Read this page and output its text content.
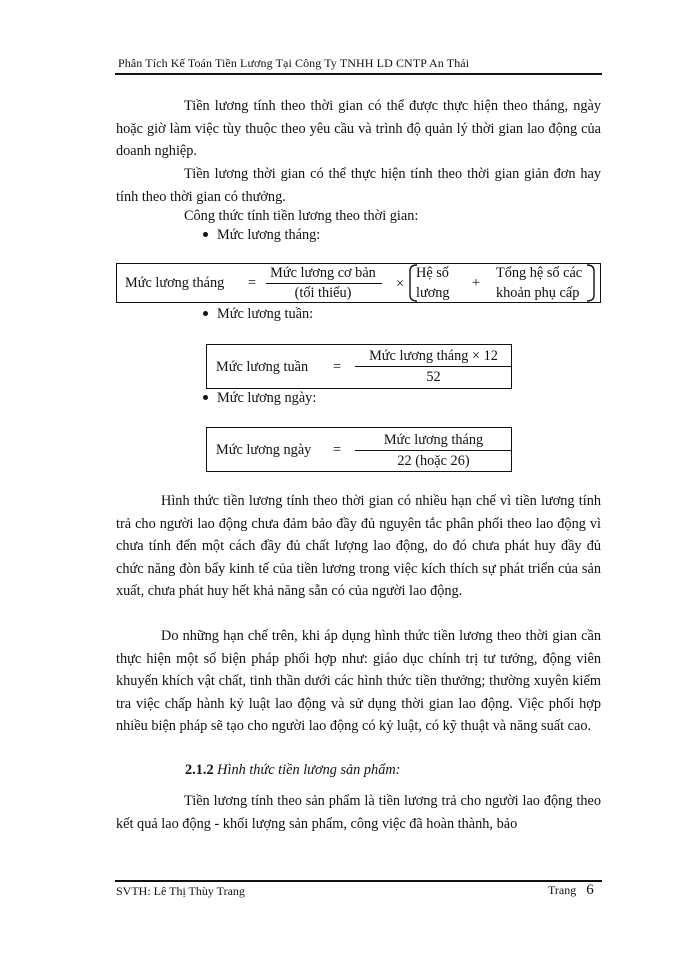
Phân Tích Kế Toán Tiền Lương Tại Công Ty TNHH LD CNTP An Thái

Tiền lương tính theo thời gian có thể được thực hiện theo tháng, ngày hoặc giờ làm việc tùy thuộc theo yêu cầu và trình độ quản lý thời gian lao động của doanh nghiệp.

Tiền lương thời gian có thể thực hiện tính theo thời gian giản đơn hay tính theo thời gian có thưởng.

Công thức tính tiền lương theo thời gian:
Mức lương tháng:
Mức lương tháng =
Mức lương cơ bản
(tối thiểu)
×
Hệ số
lương
+
Tổng hệ số các
khoản phụ cấp
Mức lương tuần:
Mức lương tuần =
Mức lương tháng × 12
52
Mức lương ngày:
Mức lương ngày =
Mức lương tháng
22 (hoặc 26)

Hình thức tiền lương tính theo thời gian có nhiều hạn chế vì tiền lương tính trả cho người lao động chưa đảm bảo đầy đủ nguyên tắc phân phối theo lao động vì chưa tính đến một cách đầy đủ chất lượng lao động, do đó chưa phát huy đầy đủ chức năng đòn bẩy kinh tế của tiền lương trong việc kích thích sự phát triển của sản xuất, chưa phát huy hết khả năng sẵn có của người lao động.

Do những hạn chế trên, khi áp dụng hình thức tiền lương theo thời gian cần thực hiện một số biện pháp phối hợp như: giáo dục chính trị tư tưởng, động viên khuyến khích vật chất, tinh thần dưới các hình thức tiền thưởng; thường xuyên kiểm tra việc chấp hành kỷ luật lao động và sử dụng thời gian lao động. Việc phối hợp nhiều biện pháp sẽ tạo cho người lao động có kỷ luật, có kỹ thuật và năng suất cao.

2.1.2 Hình thức tiền lương sản phẩm:

Tiền lương tính theo sản phẩm là tiền lương trả cho người lao động theo kết quả lao động - khối lượng sản phẩm, công việc đã hoàn thành, bảo

SVTH: Lê Thị Thùy Trang	Trang 6
